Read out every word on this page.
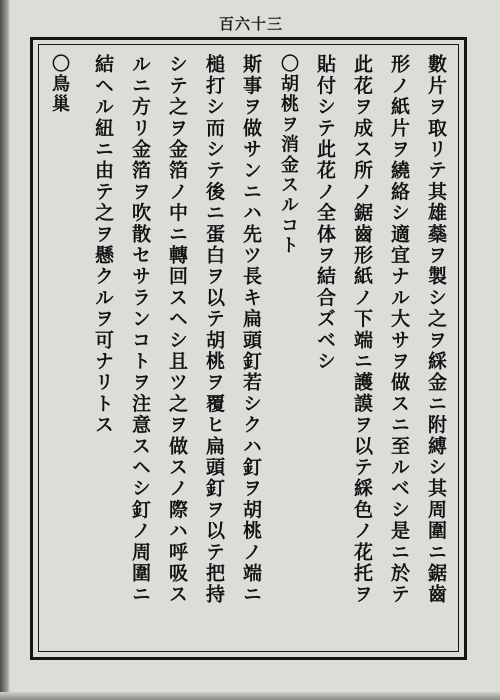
百六十三
數片ヲ取リテ其雄蘂ヲ製シ之ヲ綵金ニ附縛シ其周圍ニ鋸齒
形ノ紙片ヲ繞絡シ適宜ナル大サヲ做スニ至ルベシ是ニ於テ
此花ヲ成ス所ノ鋸齒形紙ノ下端ニ護謨ヲ以テ綵色ノ花托ヲ
貼付シテ此花ノ全体ヲ結合ズベシ
〇胡桃ヲ消金スルコト
斯事ヲ做サンニハ先ツ長キ扁頭釘若シクハ釘ヲ胡桃ノ端ニ
槌打シ而シテ後ニ蛋白ヲ以テ胡桃ヲ覆ヒ扁頭釘ヲ以テ把持
シテ之ヲ金箔ノ中ニ轉回スヘシ且ツ之ヲ做スノ際ハ呼吸ス
ルニ方リ金箔ヲ吹散セサランコトヲ注意スヘシ釘ノ周圍ニ
結ヘル紐ニ由テ之ヲ懸クルヲ可ナリトス
〇鳥巢
